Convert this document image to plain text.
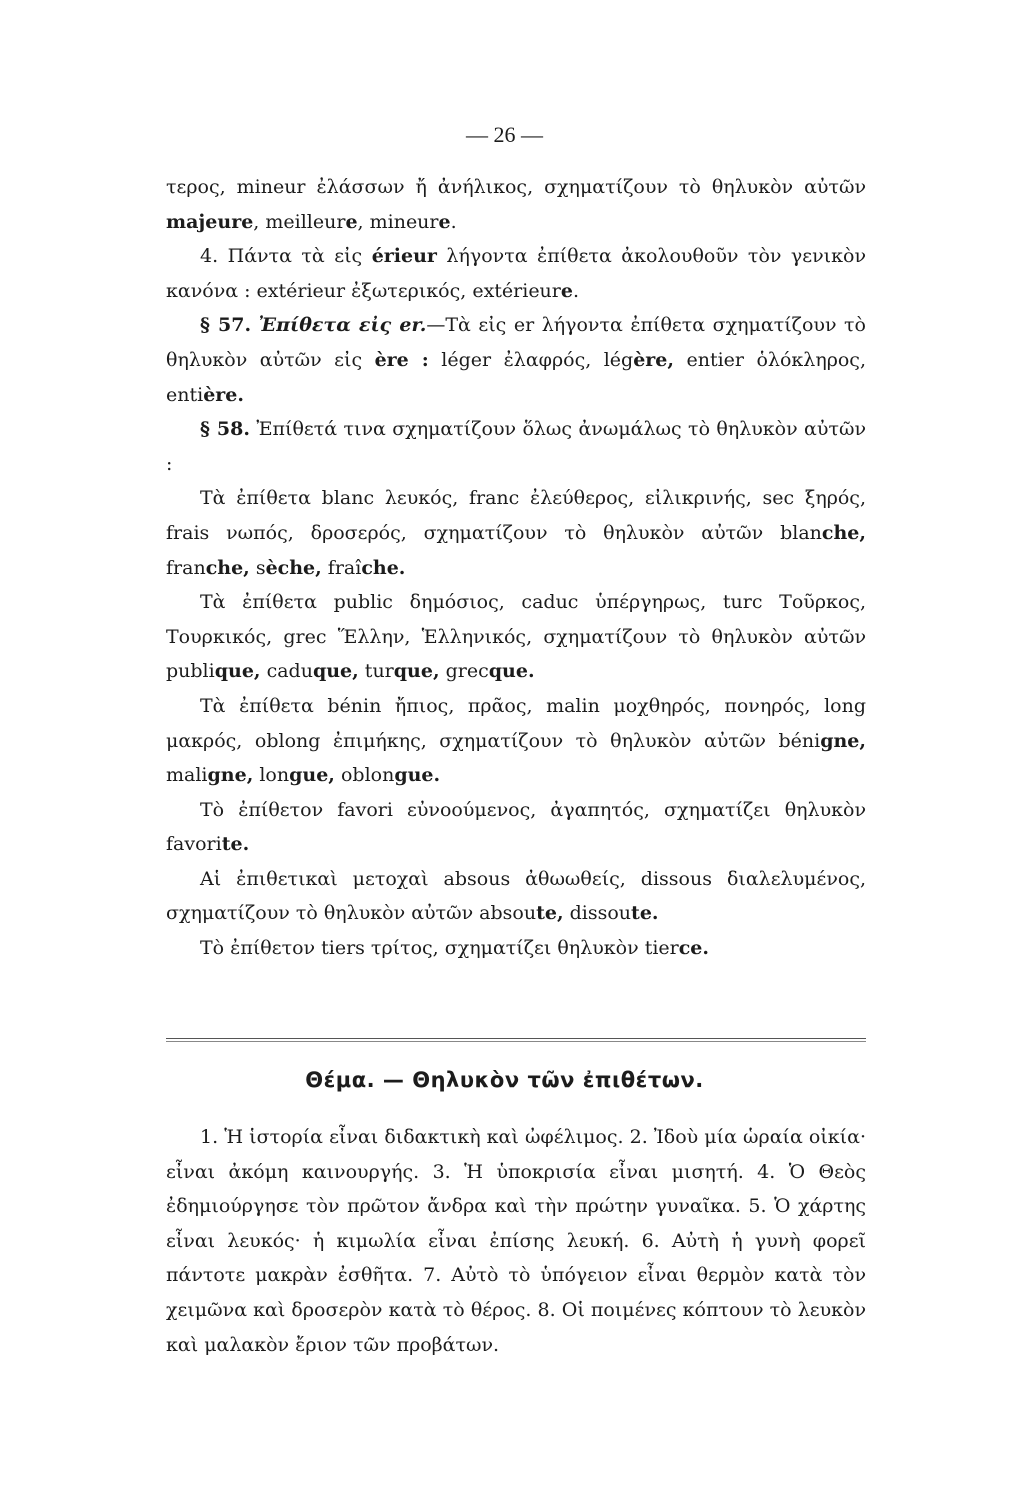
— 26 —

τερος, mineur ἐλάσσων ἤ ἀνήλικος, σχηματίζουν τὸ θηλυκὸν αὐτῶν majeure, meilleure, mineure.

4. Πάντα τὰ εἰς érieur λήγοντα ἐπίθετα ἀκολουθοῦν τὸν γενικὸν κανόνα : extérieur ἐξωτερικός, extérieure.

§ 57. Ἐπίθετα εἰς er.—Τὰ εἰς er λήγοντα ἐπίθετα σχηματίζουν τὸ θηλυκὸν αὐτῶν εἰς ère : léger ἐλαφρός, légère, entier ὁλόκληρος, entière.

§ 58. Ἐπίθετά τινα σχηματίζουν ὅλως ἀνωμάλως τὸ θηλυκὸν αὐτῶν :

Τὰ ἐπίθετα blanc λευκός, franc ἐλεύθερος, εἰλικρινής, sec ξηρός, frais νωπός, δροσερός, σχηματίζουν τὸ θηλυκὸν αὐτῶν blanche, franche, sèche, fraîche.

Τὰ ἐπίθετα public δημόσιος, caduc ὑπέργηρως, turc Τοῦρκος, Τουρκικός, grec Ἕλλην, Ἑλληνικός, σχηματίζουν τὸ θηλυκὸν αὐτῶν publique, caduque, turque, grecque.

Τὰ ἐπίθετα bénin ἤπιος, πρᾶος, malin μοχθηρός, πονηρός, long μακρός, oblong ἐπιμήκης, σχηματίζουν τὸ θηλυκὸν αὐτῶν bénigne, maligne, longue, oblongue.

Τὸ ἐπίθετον favori εὐνοούμενος, ἀγαπητός, σχηματίζει θηλυκὸν favorite.

Αἱ ἐπιθετικαὶ μετοχαὶ absous ἀθωωθείς, dissous διαλελυμένος, σχηματίζουν τὸ θηλυκὸν αὐτῶν absoute, dissoute.

Τὸ ἐπίθετον tiers τρίτος, σχηματίζει θηλυκὸν tierce.

Θέμα. — Θηλυκὸν τῶν ἐπιθέτων.

1. Ἡ ἱστορία εἶναι διδακτικὴ καὶ ὠφέλιμος. 2. Ἰδοὺ μία ὡραία οἰκία· εἶναι ἀκόμη καινουργής. 3. Ἡ ὑποκρισία εἶναι μισητή. 4. Ὁ Θεὸς ἐδημιούργησε τὸν πρῶτον ἄνδρα καὶ τὴν πρώτην γυναῖκα. 5. Ὁ χάρτης εἶναι λευκός· ἡ κιμωλία εἶναι ἐπίσης λευκή. 6. Αὐτὴ ἡ γυνὴ φορεῖ πάντοτε μακρὰν ἐσθῆτα. 7. Αὐτὸ τὸ ὑπόγειον εἶναι θερμὸν κατὰ τὸν χειμῶνα καὶ δροσερὸν κατὰ τὸ θέρος. 8. Οἱ ποιμένες κόπτουν τὸ λευκὸν καὶ μαλακὸν ἔριον τῶν προβάτων.
